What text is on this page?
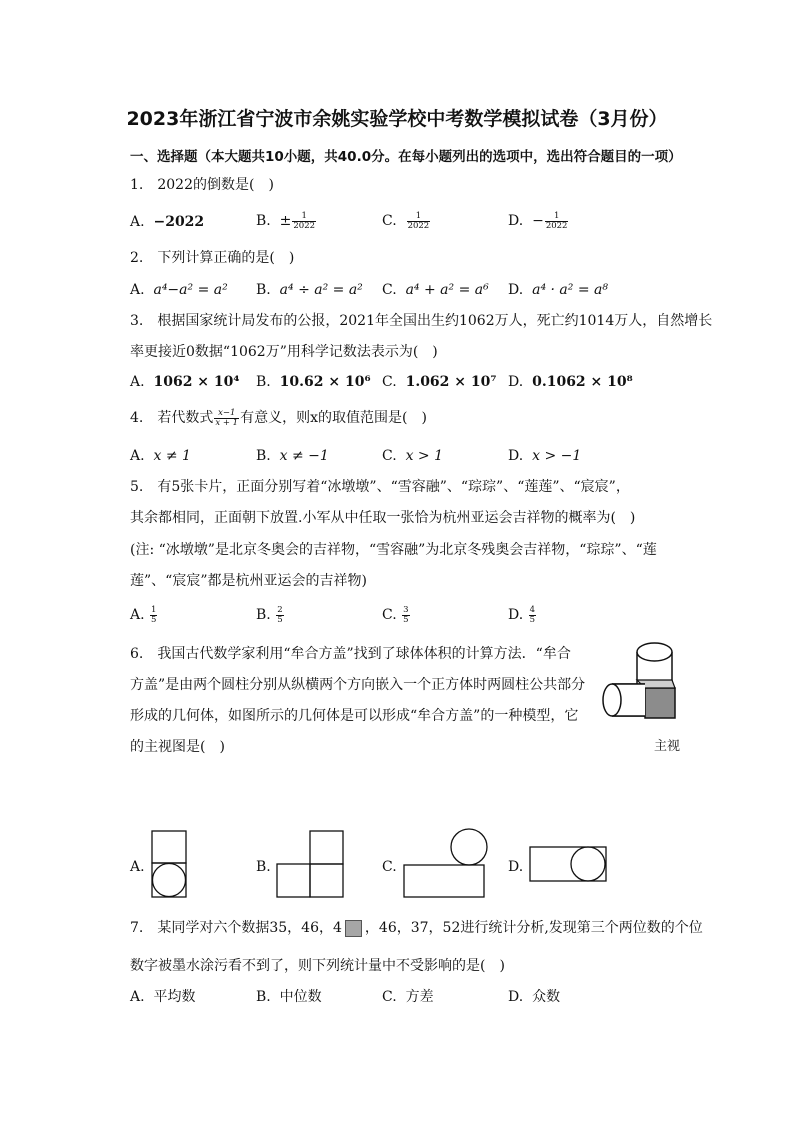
2023年浙江省宁波市余姚实验学校中考数学模拟试卷（3月份）
一、选择题（本大题共10小题，共40.0分。在每小题列出的选项中，选出符合题目的一项）
1.　2022的倒数是(　)
A. −2022	B. ± $\frac{1}{2022}$	C. $\frac{1}{2022}$	D. − $\frac{1}{2022}$
2.　下列计算正确的是(　)
A. a⁴−a² = a² B. a⁴ ÷ a² = a² C. a⁴ + a² = a⁶ D. a⁴ · a² = a⁸
3.　根据国家统计局发布的公报，2021年全国出生约1062万人，死亡约1014万人，自然增长
率更接近0数据“1062万”用科学记数法表示为(　)
A. 1062 × 10⁴ B. 10.62 × 10⁶ C. 1.062 × 10⁷ D. 0.1062 × 10⁸
4.　若代数式 $\frac{x-1}{x + 1}$ 有意义，则x的取值范围是(　)
A. x ≠ 1	B. x ≠ −1	C. x > 1	D. x > −1
5.　有5张卡片，正面分别写着“冰墩墩”、“雪容融”、“琮琮”、“莲莲”、“宸宸”，
其余都相同，正面朝下放置.小军从中任取一张恰为杭州亚运会吉祥物的概率为(　)
(注: “冰墩墩”是北京冬奥会的吉祥物，“雪容融”为北京冬残奥会吉祥物，“琮琮”、“莲
莲”、“宸宸”都是杭州亚运会的吉祥物)
A. $\frac{1}{5}$	B. $\frac{2}{5}$	C. $\frac{3}{5}$	D. $\frac{4}{5}$
6.　我国古代数学家利用“牟合方盖”找到了球体体积的计算方法．“牟合
方盖”是由两个圆柱分别从纵横两个方向嵌入一个正方体时两圆柱公共部分
形成的几何体，如图所示的几何体是可以形成“牟合方盖”的一种模型，它
的主视图是(　)	主视
A.	B.	C.	D.
7.　某同学对六个数据35，46，4 ，46，37，52进行统计分析,发现第三个两位数的个位
数字被墨水涂污看不到了，则下列统计量中不受影响的是(　)
A. 平均数	B. 中位数	C. 方差	D. 众数
